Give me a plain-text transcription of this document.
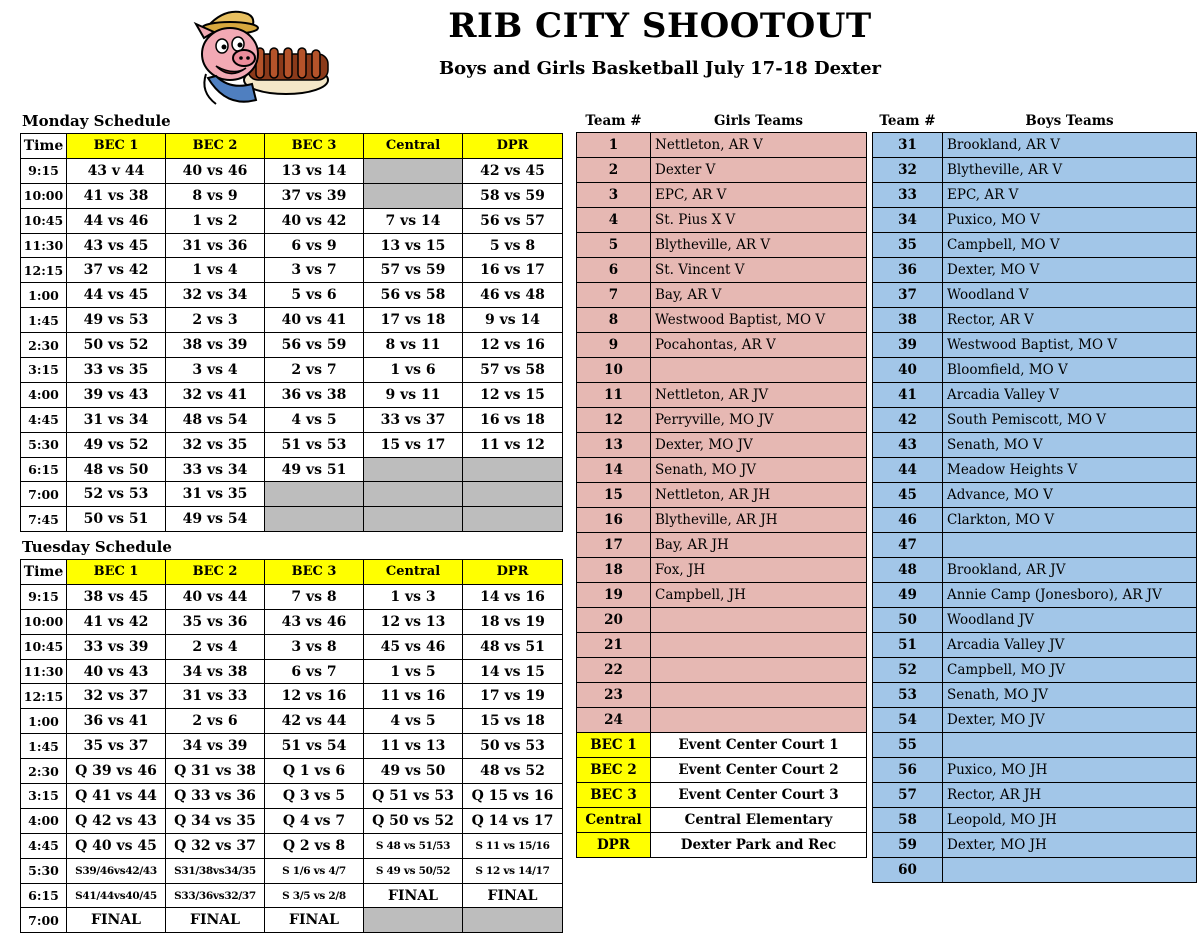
RIB CITY SHOOTOUT
Boys and Girls Basketball July 17-18 Dexter
Monday Schedule
Time	BEC 1	BEC 2	BEC 3	Central	DPR
9:15	43 v 44	40 vs 46	13 vs 14		42 vs 45
10:00	41 vs 38	8 vs 9	37 vs 39		58 vs 59
10:45	44 vs 46	1 vs 2	40 vs 42	7 vs 14	56 vs 57
11:30	43 vs 45	31 vs 36	6 vs 9	13 vs 15	5 vs 8
12:15	37 vs 42	1 vs 4	3 vs 7	57 vs 59	16 vs 17
1:00	44 vs 45	32 vs 34	5 vs 6	56 vs 58	46 vs 48
1:45	49 vs 53	2 vs 3	40 vs 41	17 vs 18	9 vs 14
2:30	50 vs 52	38 vs 39	56 vs 59	8 vs 11	12 vs 16
3:15	33 vs 35	3 vs 4	2 vs 7	1 vs 6	57 vs 58
4:00	39 vs 43	32 vs 41	36 vs 38	9 vs 11	12 vs 15
4:45	31 vs 34	48 vs 54	4 vs 5	33 vs 37	16 vs 18
5:30	49 vs 52	32 vs 35	51 vs 53	15 vs 17	11 vs 12
6:15	48 vs 50	33 vs 34	49 vs 51		
7:00	52 vs 53	31 vs 35			
7:45	50 vs 51	49 vs 54			
Tuesday Schedule
Time	BEC 1	BEC 2	BEC 3	Central	DPR
9:15	38 vs 45	40 vs 44	7 vs 8	1 vs 3	14 vs 16
10:00	41 vs 42	35 vs 36	43 vs 46	12 vs 13	18 vs 19
10:45	33 vs 39	2 vs 4	3 vs 8	45 vs 46	48 vs 51
11:30	40 vs 43	34 vs 38	6 vs 7	1 vs 5	14 vs 15
12:15	32 vs 37	31 vs 33	12 vs 16	11 vs 16	17 vs 19
1:00	36 vs 41	2 vs 6	42 vs 44	4 vs 5	15 vs 18
1:45	35 vs 37	34 vs 39	51 vs 54	11 vs 13	50 vs 53
2:30	Q 39 vs 46	Q 31 vs 38	Q 1 vs 6	49 vs 50	48 vs 52
3:15	Q 41 vs 44	Q 33 vs 36	Q 3 vs 5	Q 51 vs 53	Q 15 vs 16
4:00	Q 42 vs 43	Q 34 vs 35	Q 4 vs 7	Q 50 vs 52	Q 14 vs 17
4:45	Q 40 vs 45	Q 32 vs 37	Q 2 vs 8	S 48 vs 51/53	S 11 vs 15/16
5:30	S39/46vs42/43	S31/38vs34/35	S 1/6 vs 4/7	S 49 vs 50/52	S 12 vs 14/17
6:15	S41/44vs40/45	S33/36vs32/37	S 3/5 vs 2/8	FINAL	FINAL
7:00	FINAL	FINAL	FINAL		
Team #	Girls Teams		Team #	Boys Teams
1	Nettleton, AR V		31	Brookland, AR V
2	Dexter V		32	Blytheville, AR V
3	EPC, AR V		33	EPC, AR V
4	St. Pius X V		34	Puxico, MO V
5	Blytheville, AR V		35	Campbell, MO V
6	St. Vincent V		36	Dexter, MO V
7	Bay, AR V		37	Woodland V
8	Westwood Baptist, MO V		38	Rector, AR V
9	Pocahontas, AR V		39	Westwood Baptist, MO V
10			40	Bloomfield, MO V
11	Nettleton, AR JV		41	Arcadia Valley V
12	Perryville, MO JV		42	South Pemiscott, MO V
13	Dexter, MO JV		43	Senath, MO V
14	Senath, MO JV		44	Meadow Heights V
15	Nettleton, AR JH		45	Advance, MO V
16	Blytheville, AR JH		46	Clarkton, MO V
17	Bay, AR JH		47	
18	Fox, JH		48	Brookland, AR JV
19	Campbell, JH		49	Annie Camp (Jonesboro), AR JV
20			50	Woodland JV
21			51	Arcadia Valley JV
22			52	Campbell, MO JV
23			53	Senath, MO JV
24			54	Dexter, MO JV
BEC 1	Event Center Court 1		55	
BEC 2	Event Center Court 2		56	Puxico, MO JH
BEC 3	Event Center Court 3		57	Rector, AR JH
Central	Central Elementary		58	Leopold, MO JH
DPR	Dexter Park and Rec		59	Dexter, MO JH
			60	
